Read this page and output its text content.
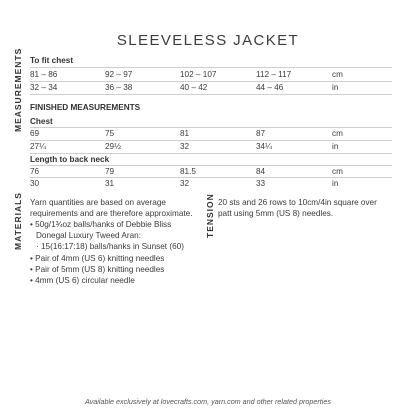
SLEEVELESS JACKET
MEASUREMENTS To fit chest
81 – 86	92 – 97	102 – 107	112 – 117	cm
32 – 34	36 – 38	40 – 42	44 – 46	in
FINISHED MEASUREMENTS
Chest
69	75	81	87	cm
27¼	29½	32	34¼	in
Length to back neck
76	79	81.5	84	cm
30	31	32	33	in
MATERIALS Yarn quantities are based on average
requirements and are therefore approximate.
• 50g/1¾oz balls/hanks of Debbie Bliss
Donegal Luxury Tweed Aran:
· 15(16:17:18) balls/hanks in Sunset (60)
• Pair of 4mm (US 6) knitting needles
• Pair of 5mm (US 8) knitting needles
• 4mm (US 6) circular needle
TENSION 20 sts and 26 rows to 10cm/4in square over
patt using 5mm (US 8) needles.
Available exclusively at lovecrafts.com, yarn.com and other related properties
